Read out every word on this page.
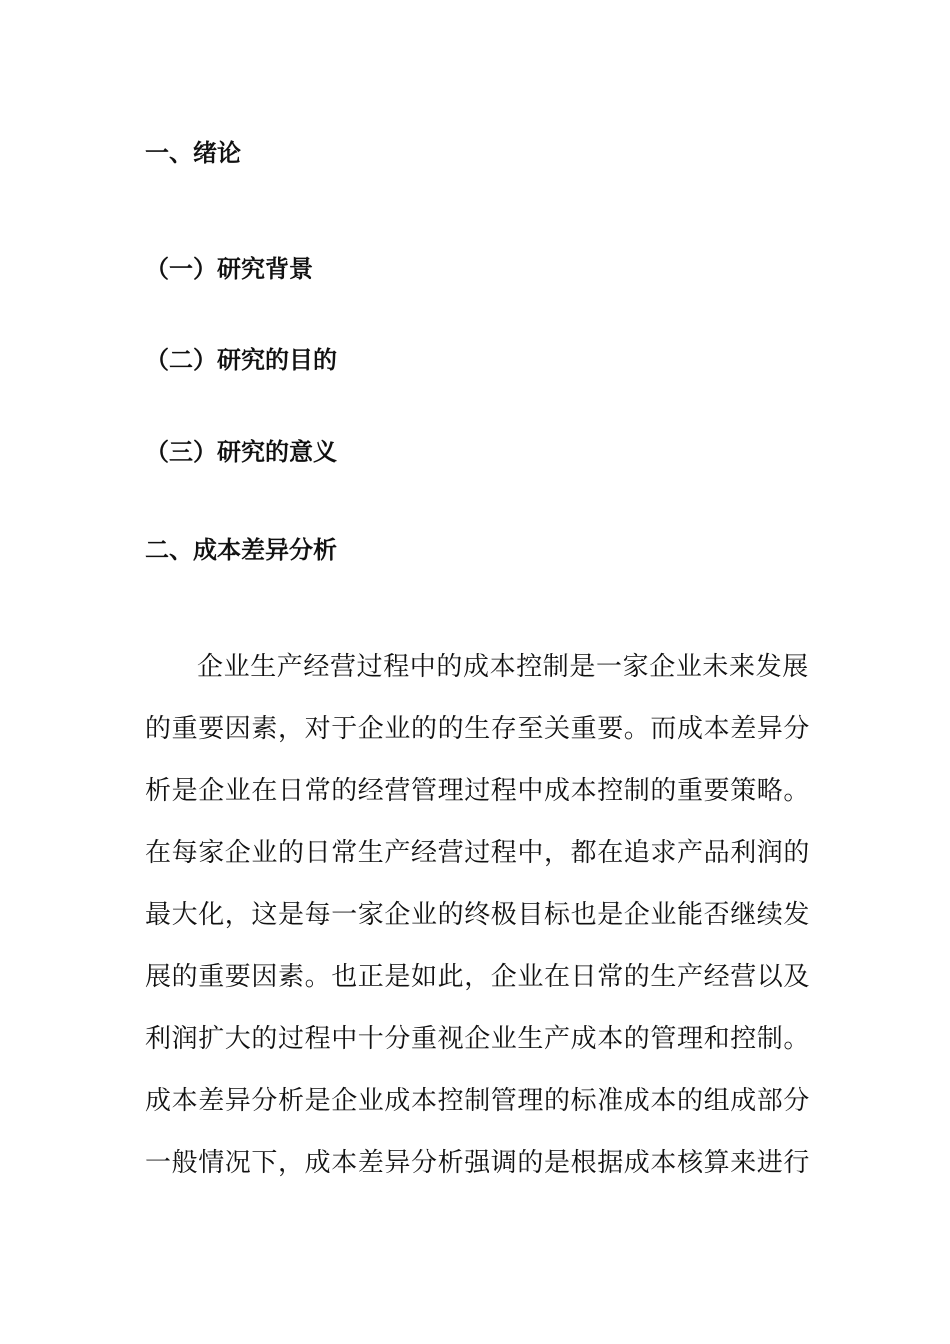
一、绪论
（一）研究背景
（二）研究的目的
（三）研究的意义
二、成本差异分析
企业生产经营过程中的成本控制是一家企业未来发展
的重要因素，对于企业的的生存至关重要。而成本差异分
析是企业在日常的经营管理过程中成本控制的重要策略。
在每家企业的日常生产经营过程中，都在追求产品利润的
最大化，这是每一家企业的终极目标也是企业能否继续发
展的重要因素。也正是如此，企业在日常的生产经营以及
利润扩大的过程中十分重视企业生产成本的管理和控制。
成本差异分析是企业成本控制管理的标准成本的组成部分
一般情况下，成本差异分析强调的是根据成本核算来进行
